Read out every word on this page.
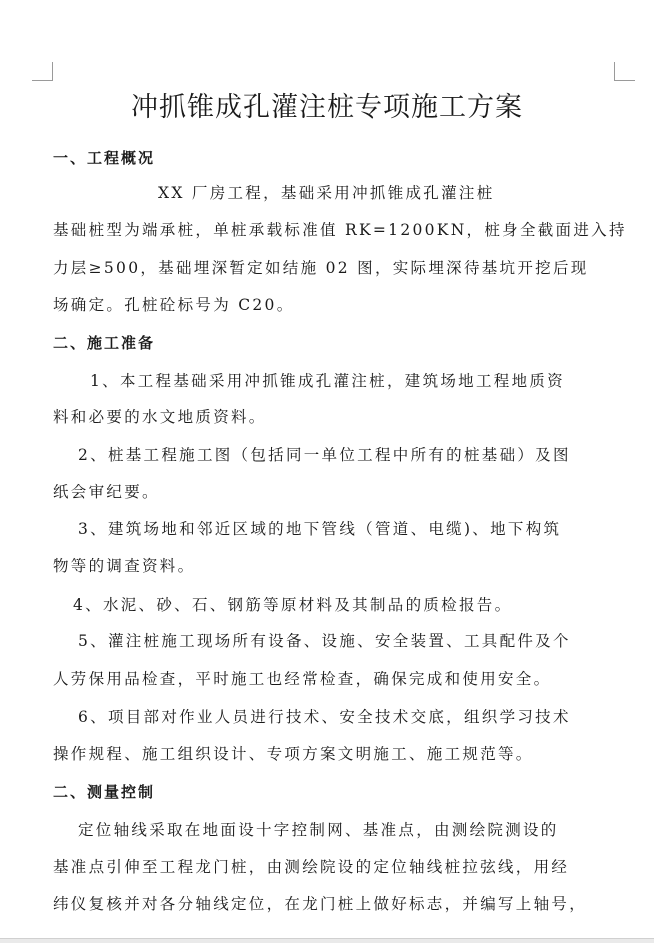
冲抓锥成孔灌注桩专项施工方案
一、工程概况
XX 厂房工程，基础采用冲抓锥成孔灌注桩
基础桩型为端承桩，单桩承载标准值 RK=1200KN，桩身全截面进入持
力层≥500，基础埋深暂定如结施 02 图，实际埋深待基坑开挖后现
场确定。孔桩砼标号为 C20。
二、施工准备
1、本工程基础采用冲抓锥成孔灌注桩，建筑场地工程地质资
料和必要的水文地质资料。
2、桩基工程施工图（包括同一单位工程中所有的桩基础）及图
纸会审纪要。
3、建筑场地和邻近区域的地下管线（管道、电缆)、地下构筑
物等的调查资料。
4、水泥、砂、石、钢筋等原材料及其制品的质检报告。
5、灌注桩施工现场所有设备、设施、安全装置、工具配件及个
人劳保用品检查，平时施工也经常检查，确保完成和使用安全。
6、项目部对作业人员进行技术、安全技术交底，组织学习技术
操作规程、施工组织设计、专项方案文明施工、施工规范等。
二、测量控制
定位轴线采取在地面设十字控制网、基准点，由测绘院测设的
基准点引伸至工程龙门桩，由测绘院设的定位轴线桩拉弦线，用经
纬仪复核并对各分轴线定位，在龙门桩上做好标志，并编写上轴号，
